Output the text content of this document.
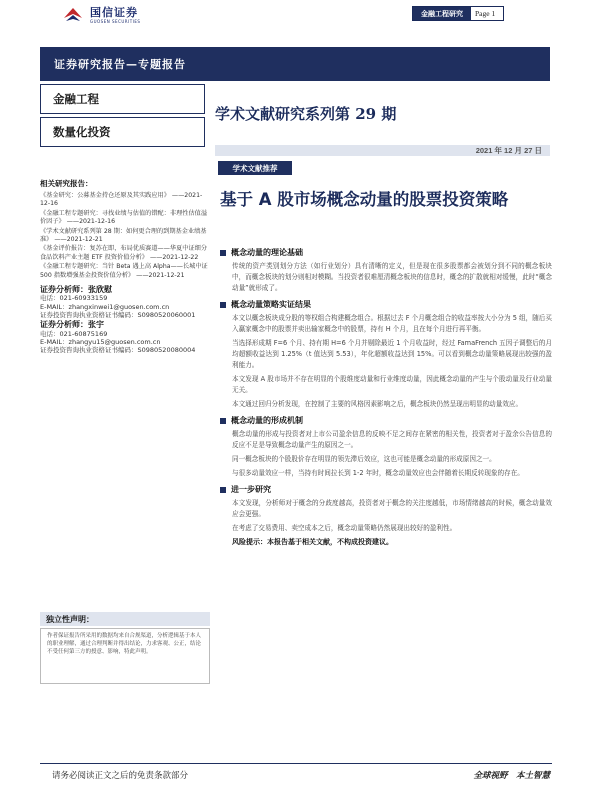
国信证券
GUOSEN SECURITIES
金融工程研究	Page 1
证券研究报告—专题报告
金融工程
数量化投资
学术文献研究系列第 29 期
2021 年 12 月 27 日
学术文献推荐
基于 A 股市场概念动量的股票投资策略
相关研究报告：
《基金研究：公募基金持仓还原及其实践应用》 ——2021-12-16
《金融工程专题研究：寻找业绩与估值的错配：非理性估值溢价因子》 ——2021-12-16
《学术文献研究系列第 28 期：如何更合理的到期基金业绩基准》 ——2021-12-21
《基金评价报告：复苏在即，布局优质赛道——华夏中证细分食品饮料产业主题 ETF 投资价值分析》 ——2021-12-22
《金融工程专题研究：当针 Beta 遇上高 Alpha——长城中证 500 指数增强基金投资价值分析》 ——2021-12-21
证券分析师：张欣慰
电话：021-60933159
E-MAIL：zhangxinwei1@guosen.com.cn
证券投资咨询执业资格证书编码：S0980520060001
证券分析师：张宇
电话：021-60875169
E-MAIL：zhangyu15@guosen.com.cn
证券投资咨询执业资格证书编码：S0980520080004
独立性声明：
作者保证报告所采用的数据均来自合规渠道，分析逻辑基于本人的职业理解，通过合理判断并得出结论，力求客观、公正，结论不受任何第三方的授意、影响，特此声明。
概念动量的理论基础

传统的资产类别划分方法（如行业划分）具有清晰的定义，但是现在很多股票都会被划分到不同的概念板块中，而概念板块的划分则相对模糊。当投资者很难厘清概念板块的信息时，概念的扩散就相对缓慢，此时“概念动量”就形成了。

概念动量策略实证结果

本文以概念板块成分股的等权组合构建概念组合。根据过去 F 个月概念组合的收益率按大小分为 5 组，随后买入赢家概念中的股票并卖出输家概念中的股票，持有 H 个月，且在每个月进行再平衡。

当选择形成期 F=6 个月、持有期 H=6 个月并剔除最近 1 个月收益时，经过 FamaFrench 五因子调整后的月均超额收益达到 1.25%（t 值达到 5.53），年化超额收益达到 15%。可以看到概念动量策略展现出较强的盈利能力。

本文发现 A 股市场并不存在明显的个股维度动量和行业维度动量，因此概念动量的产生与个股动量及行业动量无关。

本文通过回归分析发现，在控制了主要的风格因素影响之后，概念板块仍然呈现出明显的动量效应。

概念动量的形成机制

概念动量的形成与投资者对上市公司盈余信息的反映不足之间存在紧密的相关性，投资者对于盈余公告信息的反应不足是导致概念动量产生的原因之一。

同一概念板块的个股股价存在明显的领先滞后效应，这也可能是概念动量的形成原因之一。

与很多动量效应一样，当持有时间拉长到 1-2 年时，概念动量效应也会伴随着长期反转现象的存在。

进一步研究

本文发现，分析师对于概念的分歧度越高，投资者对于概念的关注度越低，市场情绪越高的时候，概念动量效应会更强。

在考虑了交易费用、卖空成本之后，概念动量策略仍然展现出较好的盈利性。

风险提示：本报告基于相关文献，不构成投资建议。
请务必阅读正文之后的免责条款部分	全球视野　本土智慧
